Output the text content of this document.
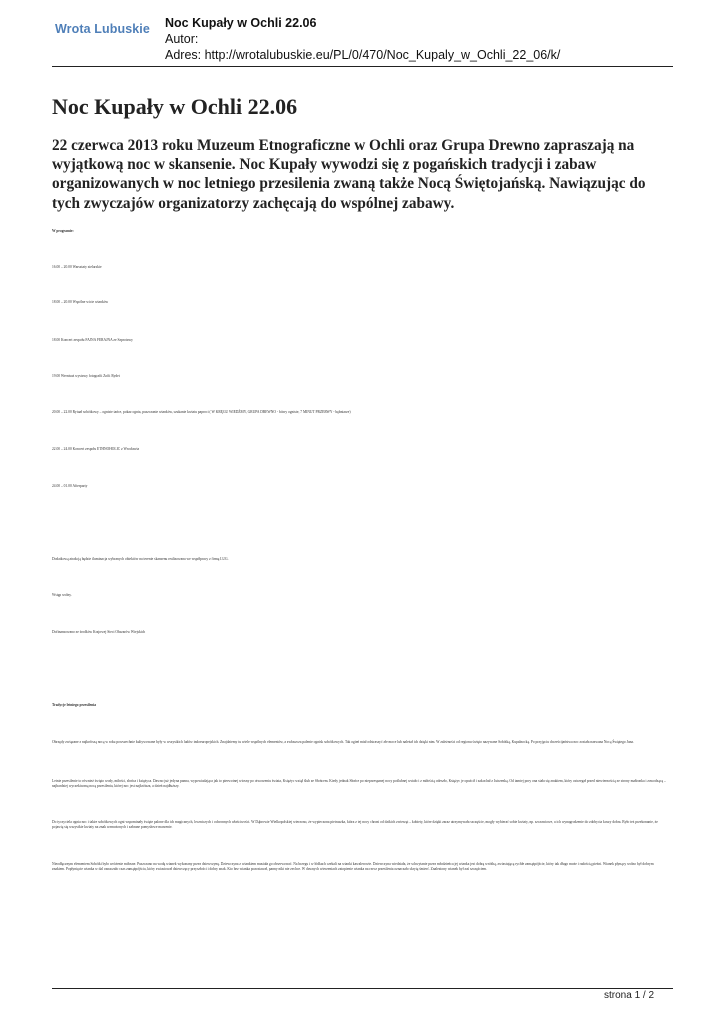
Wrota Lubuskie Noc Kupały w Ochli 22.06
Autor:
Adres: http://wrotalubuskie.eu/PL/0/470/Noc_Kupaly_w_Ochli_22_06/k/
Noc Kupały w Ochli 22.06

22 czerwca 2013 roku Muzeum Etnograficzne w Ochli oraz Grupa Drewno zapraszają na wyjątkową noc w skansenie. Noc Kupały wywodzi się z pogańskich tradycji i zabaw organizowanych w noc letniego przesilenia zwaną także Nocą Świętojańską. Nawiązując do tych zwyczajów organizatorzy zachęcają do wspólnej zabawy.

W programie:

16.00 – 20.00 Warsztaty zielarskie

18.00 – 20.00 Wspólne wicie wianków

18.00 Koncert zespołu FAJNA FERAJNA ze Szprotawy

19.00 Wernisaż wystawy fotografii Zofii Rydet

20.00 – 22.00 Rytuał sobótkowy – ogniste tańce, pokaz ognia, puszczanie wianków, szukanie kwiatu paproci ( W KRĘGU WIEDŹMY, GRUPA DREWNO - bitwy ogniste, 7 MINUT PRZERWY - bębniarze)

22.00 – 24.00 Koncert zespołu ETHNOHOLIC z Wrocławia

24.00 – 01.00 Afterparty

Dodatkową atrakcją będzie iluminacja wybranych obiektów na terenie skansenu realizowana we współpracy z firmą LUG.

Wstęp wolny.

Dofinansowano ze środków Krajowej Sieci Obszarów Wiejskich

Tradycje letniego przesilenia

Obrzędy związane z najkrótszą nocą w roku powszechnie kultywowane były w wszystkich ludów indoeuropejskich. Znajdziemy tu wiele wspólnych elementów, a zwłaszcza palenie ognisk sobótkowych. Tak ogień miał odstraszyć złe moce lub należał ich dzięki nim. W zależności od regionu święto nazywane Sobótką, Kupalnocką. Po przyjęciu chrześcijaństwa noc została nazwana Nocą Świętego Jana.

Letnie przesilenie to również święto wody, miłości, słońca i księżyca. Dawno już jedyna panna, wypowiadająca jak to pierwotnej wiosny po otworzeniu świata, Księżyc wziął ślub ze Słońcem. Kiedy jednak Słońce po nieprzespanej nocy poślubnej wstało i z miłością odeszło, Księżyc je opuścił i zakochał z Jutrzenką. Od tamtej pory ona stała się znakiem, który ostrzegał przed niewiernością ze strony małżonka i zawodzącą – najbardziej wyczekiwaną nocą przesilenia, której noc jest najkrótsza, a dzień najdłuższy.

Do tyczyciela ognia noc i także sobótkowych ogni wspominały święte palone dla ich magicznych, leczniczych i ochronnych właściwości. W Dąbrowie Wielkopolskiej wierzono, że wypieczona pietruszka, która z tej nocy chroni od dzikich zwierząt – kobiety, które dzięki zaraz utrzymywała szczęście, mogły wybierać sobie kwiaty, np. szczawiowe, a ich wynagrodzenie do zdobycia koszy dobra. Było też przekonanie, że pojawią się wszystkie kwiaty na znak wzmożonych i zabrane pomysłowe marzenie.

Nieodłącznym elementem Sobótki było wróżenie miłosne. Puszczano na wodę wianek wykonany przez dziewczynę. Dziewczyna z wiankiem musiała go obserwować. Na brzegu i w łódkach czekali na wianki kawalerowie. Dziewczyna wiedziała, że schwytanie przez młodzieńca jej wianka jest dobrą wróżbą, zwiastującą rychłe zamążpójście, który tak długo może i radością pieśni. Wianek płynący wolno był dobrym znakiem. Popłynięcie wianka w dal oznaczało czas zamążpójścia, który zwiastował dziewczęcy przyszłości i dobry znak. Kto bez wianka pozostawał, panny nikt nie zechce. W dawnych wierzeniach zatopienie wianka na rzecz przesilenia oznaczało skrytą śmierć. Znaleziony wianek był zaś szczęściem.

strona 1 / 2
